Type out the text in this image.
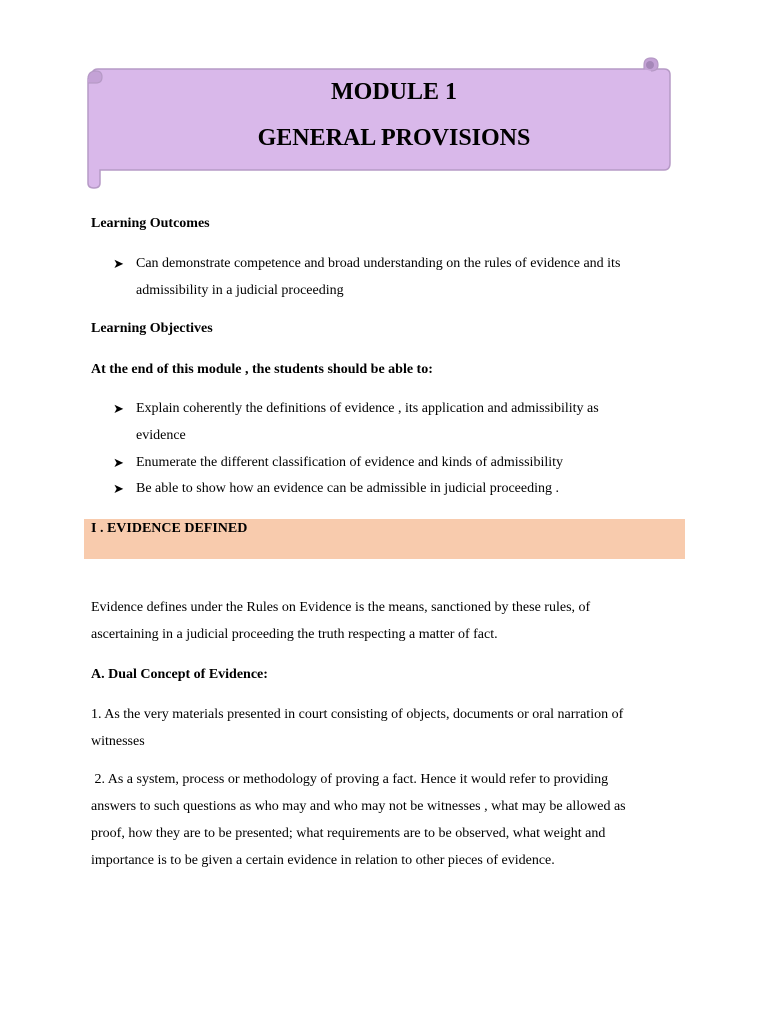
MODULE 1
GENERAL PROVISIONS
Learning Outcomes
➤ Can demonstrate competence and broad understanding on the rules of evidence and its
admissibility in a judicial proceeding
Learning Objectives
At the end of this module , the students should be able to:
➤ Explain coherently the definitions of evidence , its application and admissibility as
evidence
➤ Enumerate the different classification of evidence and kinds of admissibility
➤ Be able to show how an evidence can be admissible in judicial proceeding .
I . EVIDENCE DEFINED
Evidence defines under the Rules on Evidence is the means, sanctioned by these rules, of
ascertaining in a judicial proceeding the truth respecting a matter of fact.
A. Dual Concept of Evidence:
1. As the very materials presented in court consisting of objects, documents or oral narration of
witnesses
2. As a system, process or methodology of proving a fact. Hence it would refer to providing
answers to such questions as who may and who may not be witnesses , what may be allowed as
proof, how they are to be presented; what requirements are to be observed, what weight and
importance is to be given a certain evidence in relation to other pieces of evidence.
